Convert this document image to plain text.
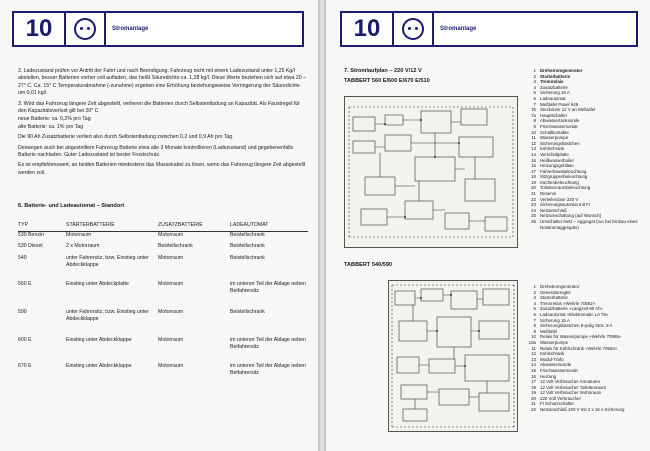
10	Stromanlage

2. Ladezustand prüfen vor Antritt der Fahrt und nach Beendigung. Fahrzeug nicht mit einem Ladezustand unter 1,25 Kg/l abstellen, besser Batterien vorher voll aufladen, das heißt Säuredichte ca. 1,28 kg/l. Diese Werte beziehen sich auf etwa 20 – 27° C. Ca. 15° C Temperaturabnahme (-zunahme) ergeben eine Erhöhung beziehungsweise Verringerung der Säuredichte um 0,01 kg/l.

3. Wird das Fahrzeug längere Zeit abgestellt, verlieren die Batterien durch Selbstentladung an Kapazität. Als Faustregel für den Kapazitätsverlust gilt bei 20° C

neue Batterie: ca. 0,2% pro Tag
alte Batterie: ca. 1% pro Tag

Die 90 Ah Zusatzbatterie verliert also durch Selbstentladung zwischen 0,2 und 0,9 Ah pro Tag.

Deswegen auch bei abgestelltem Fahrzeug Batterie etwa alle 3 Monate kontrollieren (Ladezustand) und gegebenenfalls Batterie nachladen. Guter Ladezustand ist bester Frostschutz.

Es ist empfehlenswert, an beiden Batterien mindestens das Massekabel zu lösen, wenn das Fahrzeug längere Zeit abgestellt werden soll.

6. Batterie- und Ladeautomat – Standort
TYP	STARTERBATTERIE	ZUSATZBATTERIE	LADEAUTOMAT
530 Benzin	Motorraum	Motorraum	Beistellschrank
530 Diesel	2 x Motorraum	Beistellschrank	Beistellschrank
540	unter Fahrersitz, bzw. Einstieg unter Abdeckklappe	Motorraum	Beistellschrank
560 E	Einstieg unter Abdeckplatte	Motorraum	im unteren Teil der Ablage neben Beifahrersitz
590	unter Fahrersitz, bzw. Einstieg unter Abdeckklappe	Motorraum	Beistellschrank
600 E	Einstieg unter Abdeckklappe	Motorraum	im unteren Teil der Ablage neben Beifahrersitz
670 E	Einstieg unter Abdeckklappe	Motorraum	im unteren Teil der Ablage neben Beifahrersitz
10	Stromanlage
7. Stromlaufplan – 220 V/12 V
TABBERT 560 E/600 E/670 E/510
1 Drehstromgenerator
2 Starterbatterie
3 Trennrelais
4 Zusatzbatterie
5 Sicherung 16 A
6 Ladeautomat
7 Meßtafel Panel 949
7b Steckdose 12 V an Meßtafel
7a Hauptschalter
8 Abwassertanksonde
9 Frischwassersonde
10 Schaltkontakte
11 Wasserpumpe
12 Sicherungskästchen
13 Kühlschrank
14 Verschaltplatte
15 Heißwasserboiler
16 Heizungsgebläse
17 Fahrerhausbeleuchtung
18 Sitzgruppenbeleuchtung
19 Küchenbeleuchtung
20 Toilettenraumbeleuchtung
21 Reserve
22 Verteilerdose 220 V
23 Sicherungsautomat mit FI
24 Netzanschluß
25 Netzumschaltung (auf Wunsch)
26 Umschalter Netz – Aggregat (nur bei Einbau eines Notstromaggregats)
TABBERT 540/590
1 Drehstromgenerator
2 Generatorregler
3 Starterbatterie
4 Trennrelais »Wehrle 70562«
5 Zusatzbatterie »Langzeit 90 Ah«
6 Ladeautomat »Elektromatic LA 75«
7 Sicherung 16 A
8 Sicherungskästchen 8-polig Stck. 8 A
9 Meßtafel
10 Relais für Wasserpumpe »Wehrle 70565«
10a Wasserpumpe
11 Relais für Kühlschrank »Wehrle 70562«
12 Kühlschrank
13 Modul-Trafo
14 Abwassersonde
15 Frischwassersonde
16 Heizung
17 12 Volt Verbraucher Armaturen
18 12 Volt Verbraucher Toilettenraum
19 12 Volt Verbraucher Wohnraum
20 220 Volt Verbraucher
21 FI Schutzschalter
22 Netzanschluß 220 V mit 2 x 16 A Sicherung
